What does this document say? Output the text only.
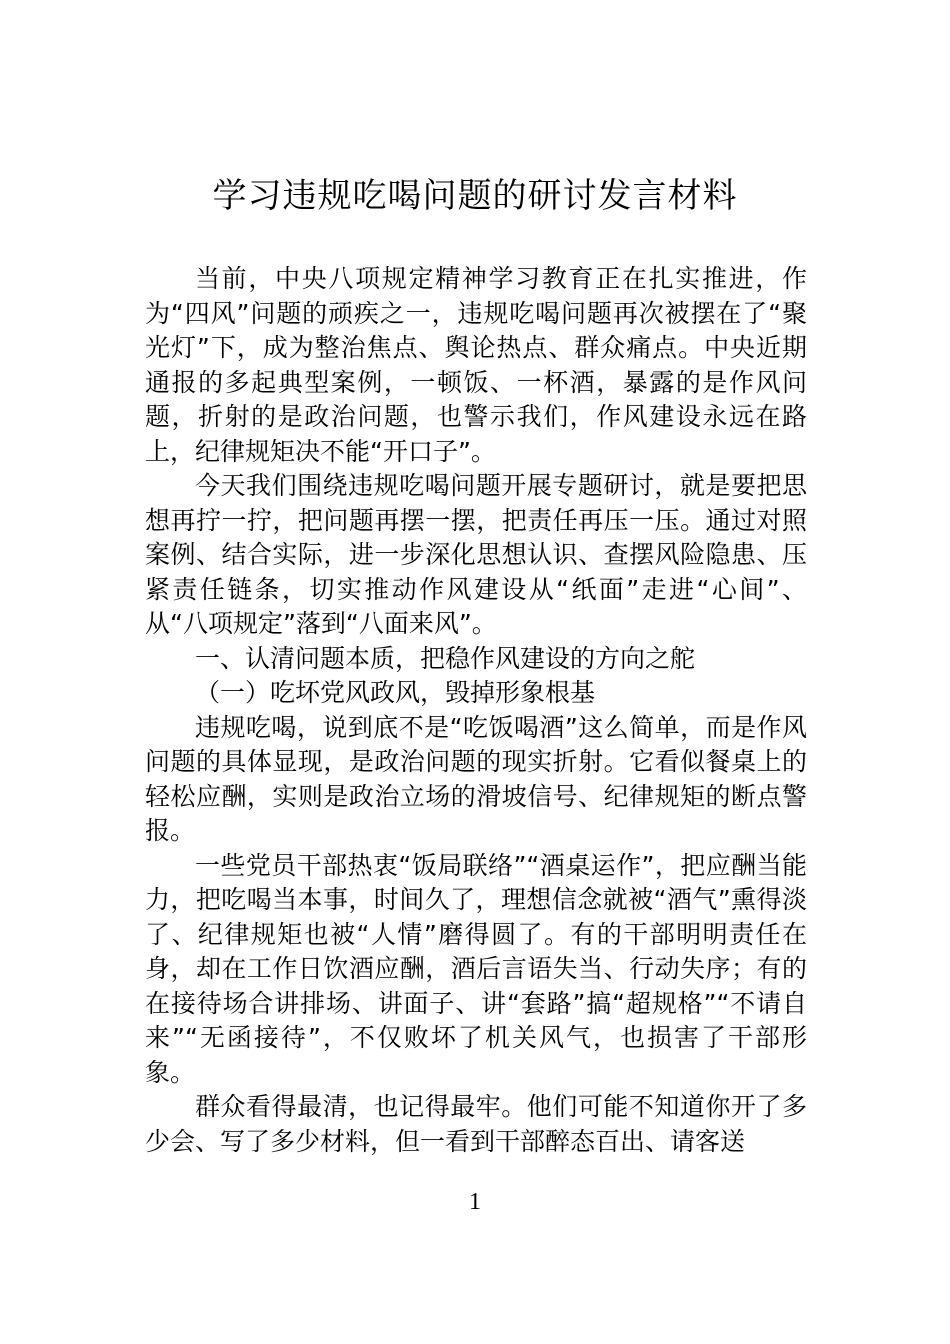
学习违规吃喝问题的研讨发言材料

当前，中央八项规定精神学习教育正在扎实推进，作为“四风”问题的顽疾之一，违规吃喝问题再次被摆在了“聚光灯”下，成为整治焦点、舆论热点、群众痛点。中央近期通报的多起典型案例，一顿饭、一杯酒，暴露的是作风问题，折射的是政治问题，也警示我们，作风建设永远在路上，纪律规矩决不能“开口子”。

今天我们围绕违规吃喝问题开展专题研讨，就是要把思想再拧一拧，把问题再摆一摆，把责任再压一压。通过对照案例、结合实际，进一步深化思想认识、查摆风险隐患、压紧责任链条，切实推动作风建设从“纸面”走进“心间”、从“八项规定”落到“八面来风”。

一、认清问题本质，把稳作风建设的方向之舵

（一）吃坏党风政风，毁掉形象根基

违规吃喝，说到底不是“吃饭喝酒”这么简单，而是作风问题的具体显现，是政治问题的现实折射。它看似餐桌上的轻松应酬，实则是政治立场的滑坡信号、纪律规矩的断点警报。

一些党员干部热衷“饭局联络”“酒桌运作”，把应酬当能力，把吃喝当本事，时间久了，理想信念就被“酒气”熏得淡了、纪律规矩也被“人情”磨得圆了。有的干部明明责任在身，却在工作日饮酒应酬，酒后言语失当、行动失序；有的在接待场合讲排场、讲面子、讲“套路”搞“超规格”“不请自来”“无函接待”，不仅败坏了机关风气，也损害了干部形象。

群众看得最清，也记得最牢。他们可能不知道你开了多少会、写了多少材料，但一看到干部醉态百出、请客送

1
